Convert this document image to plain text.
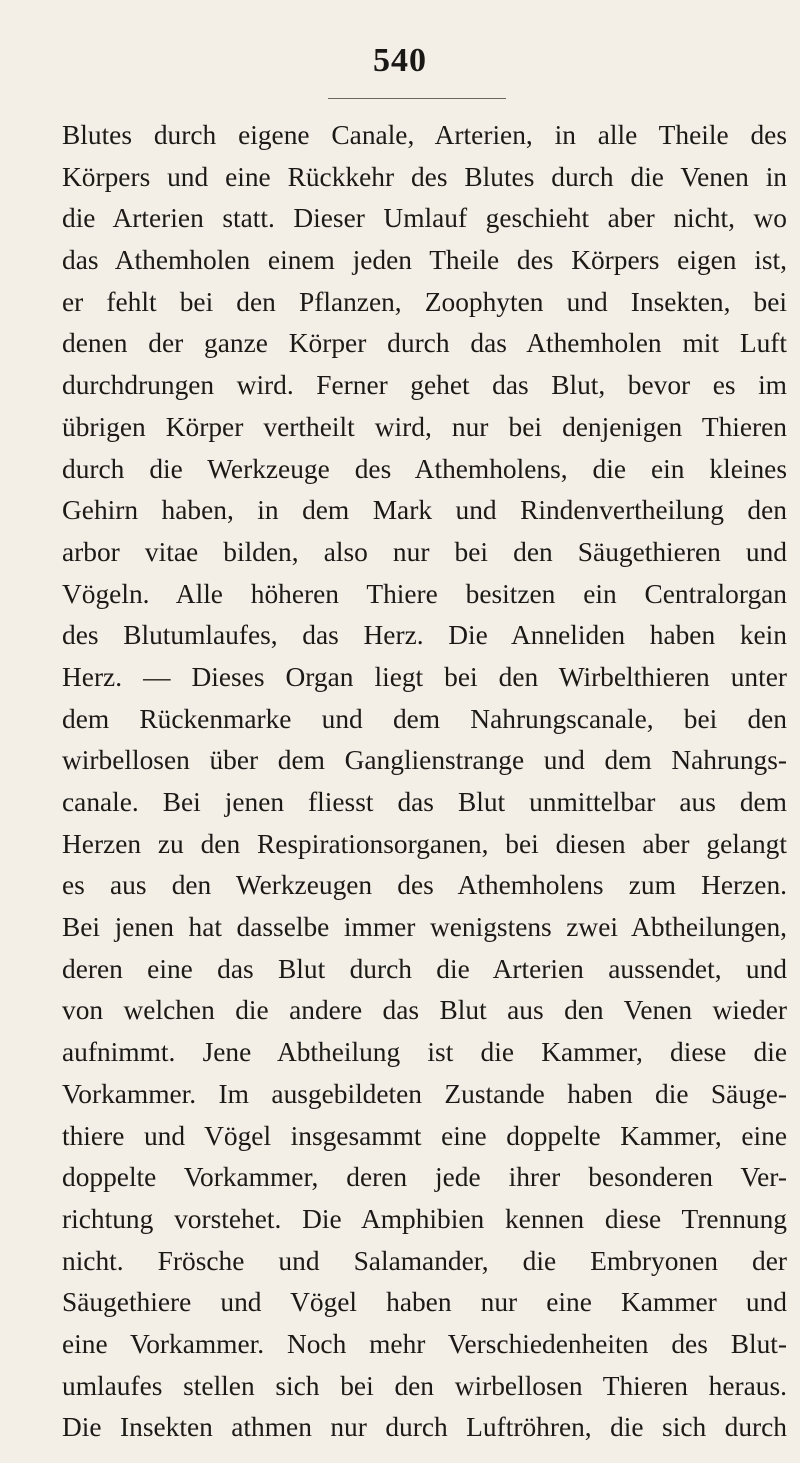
540
Blutes durch eigene Canale, Arterien, in alle Theile des
Körpers und eine Rückkehr des Blutes durch die Venen in
die Arterien statt. Dieser Umlauf geschieht aber nicht, wo
das Athemholen einem jeden Theile des Körpers eigen ist,
er fehlt bei den Pflanzen, Zoophyten und Insekten, bei
denen der ganze Körper durch das Athemholen mit Luft
durchdrungen wird. Ferner gehet das Blut, bevor es im
übrigen Körper vertheilt wird, nur bei denjenigen Thieren
durch die Werkzeuge des Athemholens, die ein kleines
Gehirn haben, in dem Mark und Rindenvertheilung den
arbor vitae bilden, also nur bei den Säugethieren und
Vögeln. Alle höheren Thiere besitzen ein Centralorgan
des Blutumlaufes, das Herz. Die Anneliden haben kein
Herz. — Dieses Organ liegt bei den Wirbelthieren unter
dem Rückenmarke und dem Nahrungscanale, bei den
wirbellosen über dem Ganglienstrange und dem Nahrungs-
canale. Bei jenen fliesst das Blut unmittelbar aus dem
Herzen zu den Respirationsorganen, bei diesen aber gelangt
es aus den Werkzeugen des Athemholens zum Herzen.
Bei jenen hat dasselbe immer wenigstens zwei Abtheilungen,
deren eine das Blut durch die Arterien aussendet, und
von welchen die andere das Blut aus den Venen wieder
aufnimmt. Jene Abtheilung ist die Kammer, diese die
Vorkammer. Im ausgebildeten Zustande haben die Säuge-
thiere und Vögel insgesammt eine doppelte Kammer, eine
doppelte Vorkammer, deren jede ihrer besonderen Ver-
richtung vorstehet. Die Amphibien kennen diese Trennung
nicht. Frösche und Salamander, die Embryonen der
Säugethiere und Vögel haben nur eine Kammer und
eine Vorkammer. Noch mehr Verschiedenheiten des Blut-
umlaufes stellen sich bei den wirbellosen Thieren heraus.
Die Insekten athmen nur durch Luftröhren, die sich durch
